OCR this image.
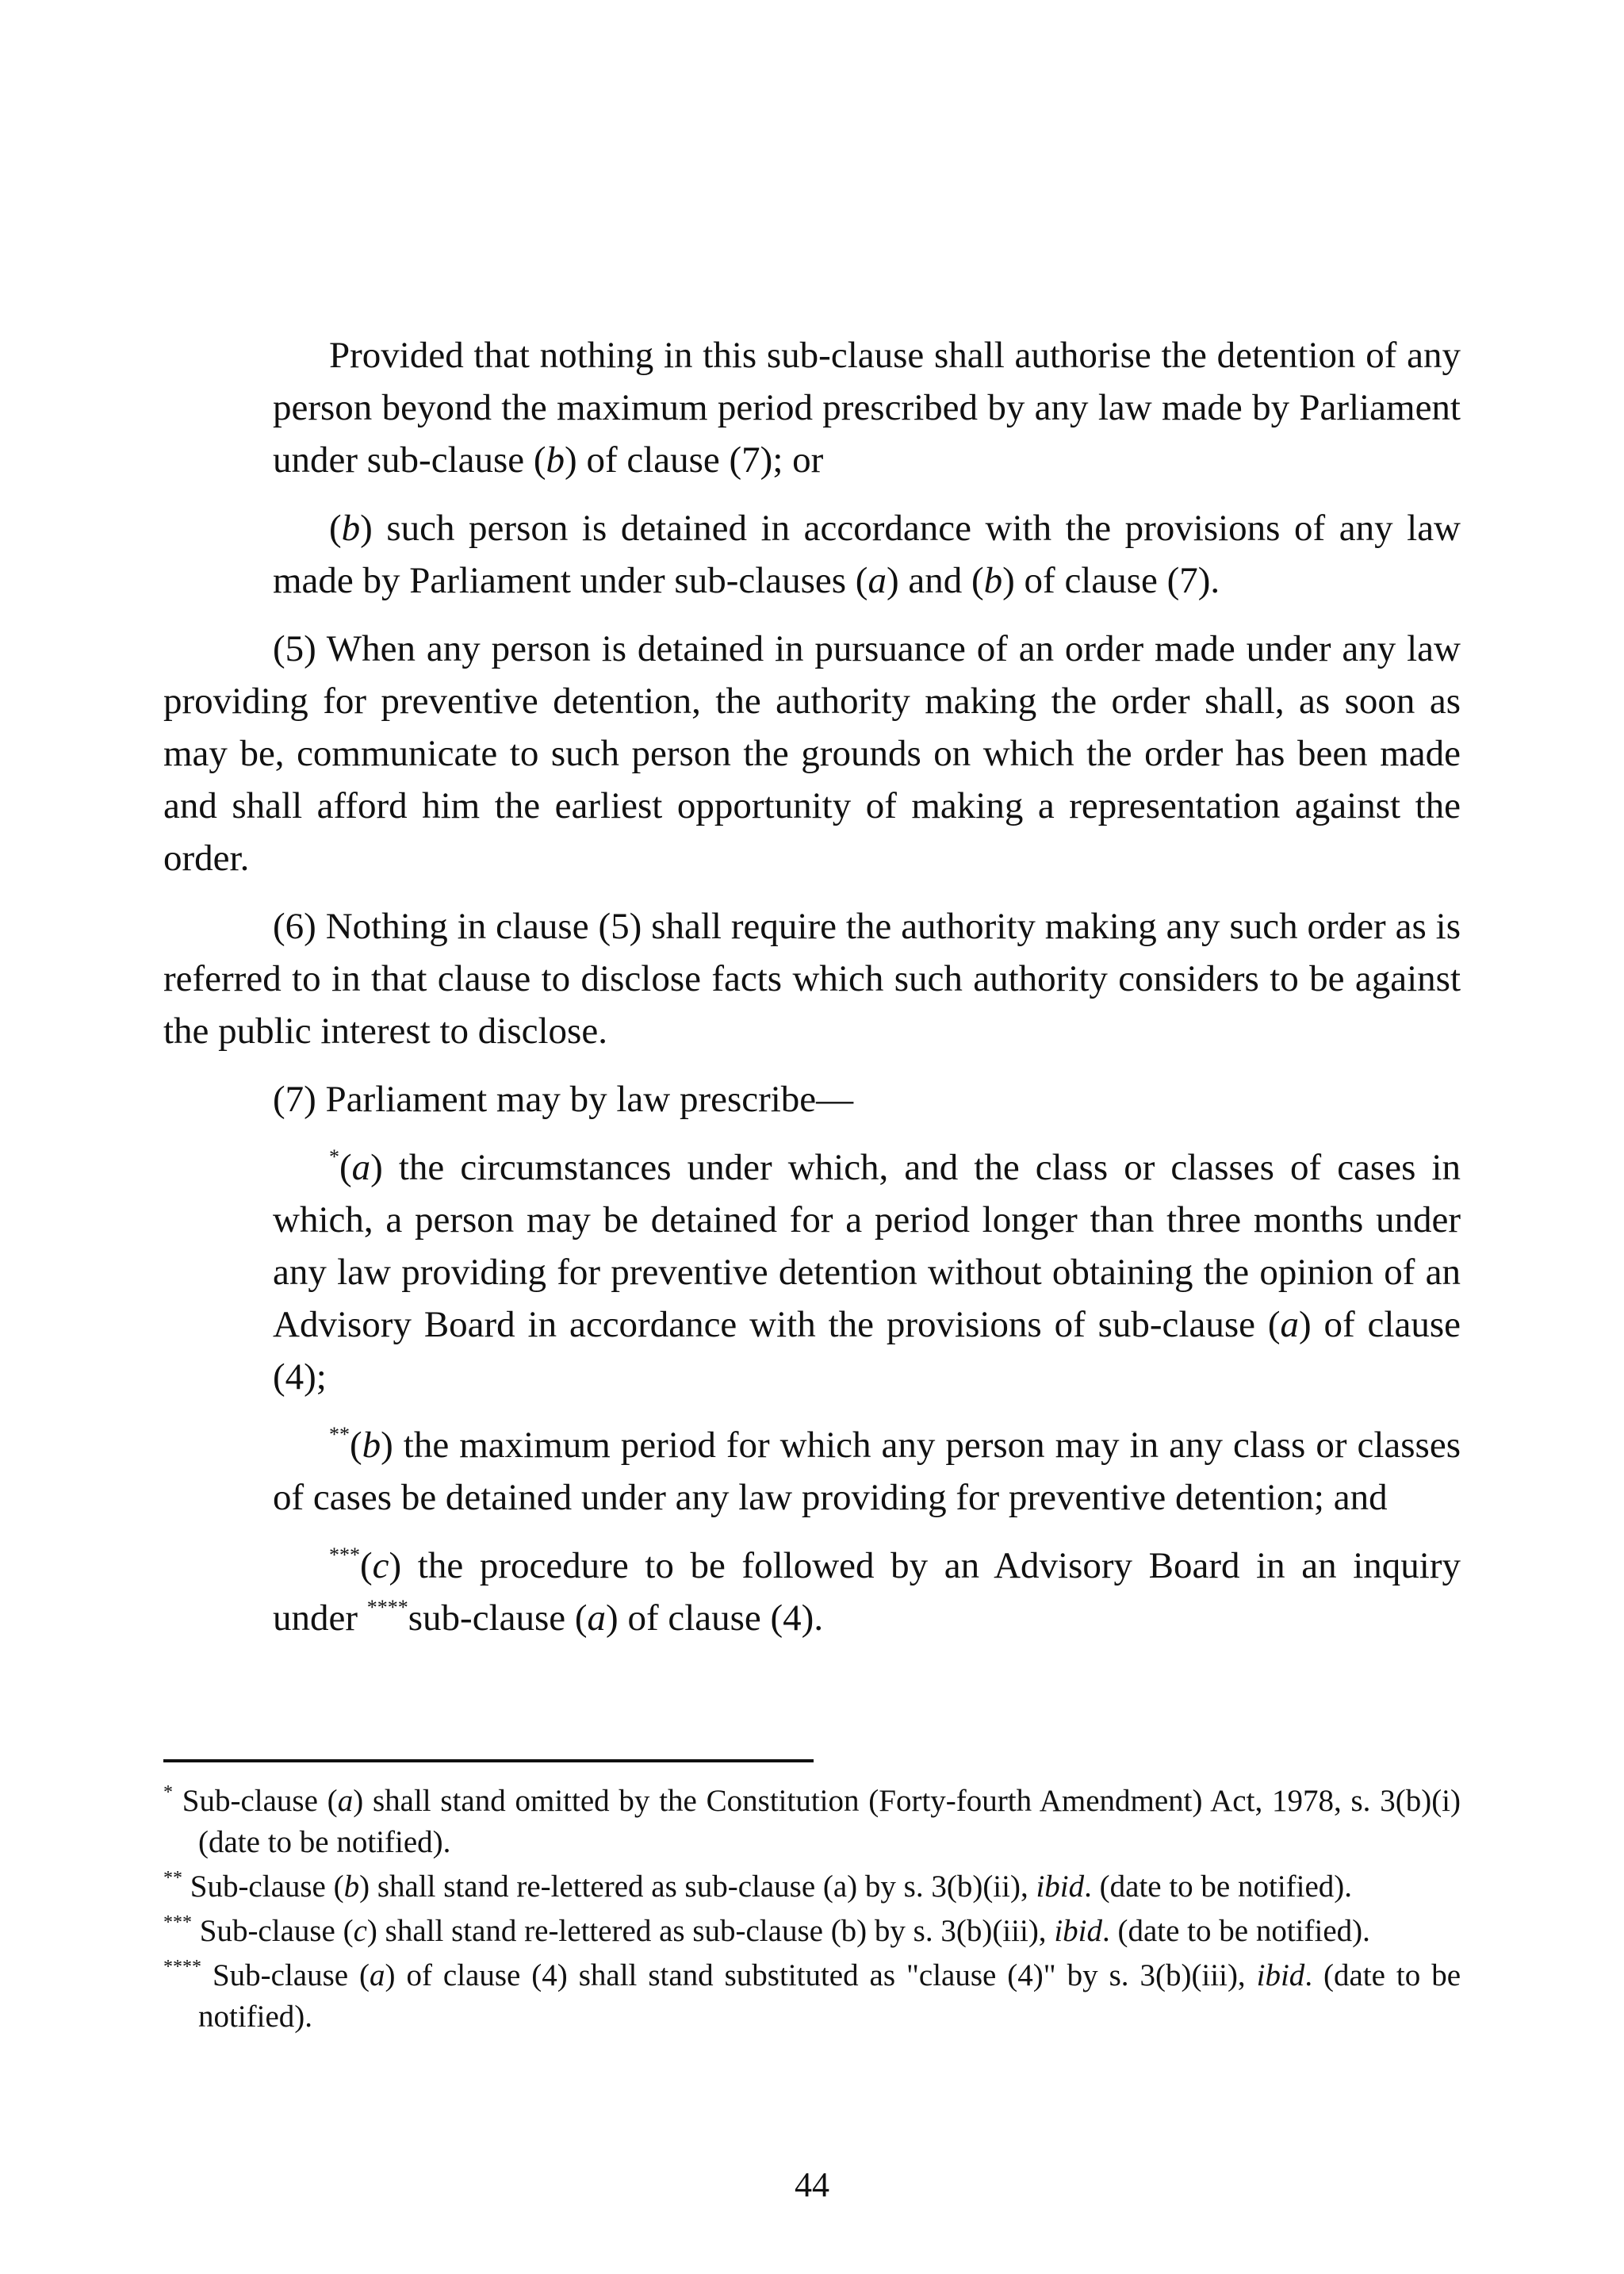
Provided that nothing in this sub-clause shall authorise the detention of any person beyond the maximum period prescribed by any law made by Parliament under sub-clause (b) of clause (7); or

(b) such person is detained in accordance with the provisions of any law made by Parliament under sub-clauses (a) and (b) of clause (7).

(5) When any person is detained in pursuance of an order made under any law providing for preventive detention, the authority making the order shall, as soon as may be, communicate to such person the grounds on which the order has been made and shall afford him the earliest opportunity of making a representation against the order.

(6) Nothing in clause (5) shall require the authority making any such order as is referred to in that clause to disclose facts which such authority considers to be against the public interest to disclose.

(7) Parliament may by law prescribe—

*(a) the circumstances under which, and the class or classes of cases in which, a person may be detained for a period longer than three months under any law providing for preventive detention without obtaining the opinion of an Advisory Board in accordance with the provisions of sub-clause (a) of clause (4);

**(b) the maximum period for which any person may in any class or classes of cases be detained under any law providing for preventive detention; and

***(c) the procedure to be followed by an Advisory Board in an inquiry under ****sub-clause (a) of clause (4).

* Sub-clause (a) shall stand omitted by the Constitution (Forty-fourth Amendment) Act, 1978, s. 3(b)(i) (date to be notified).

** Sub-clause (b) shall stand re-lettered as sub-clause (a) by s. 3(b)(ii), ibid. (date to be notified).

*** Sub-clause (c) shall stand re-lettered as sub-clause (b) by s. 3(b)(iii), ibid. (date to be notified).

**** Sub-clause (a) of clause (4) shall stand substituted as "clause (4)" by s. 3(b)(iii), ibid. (date to be notified).

44
